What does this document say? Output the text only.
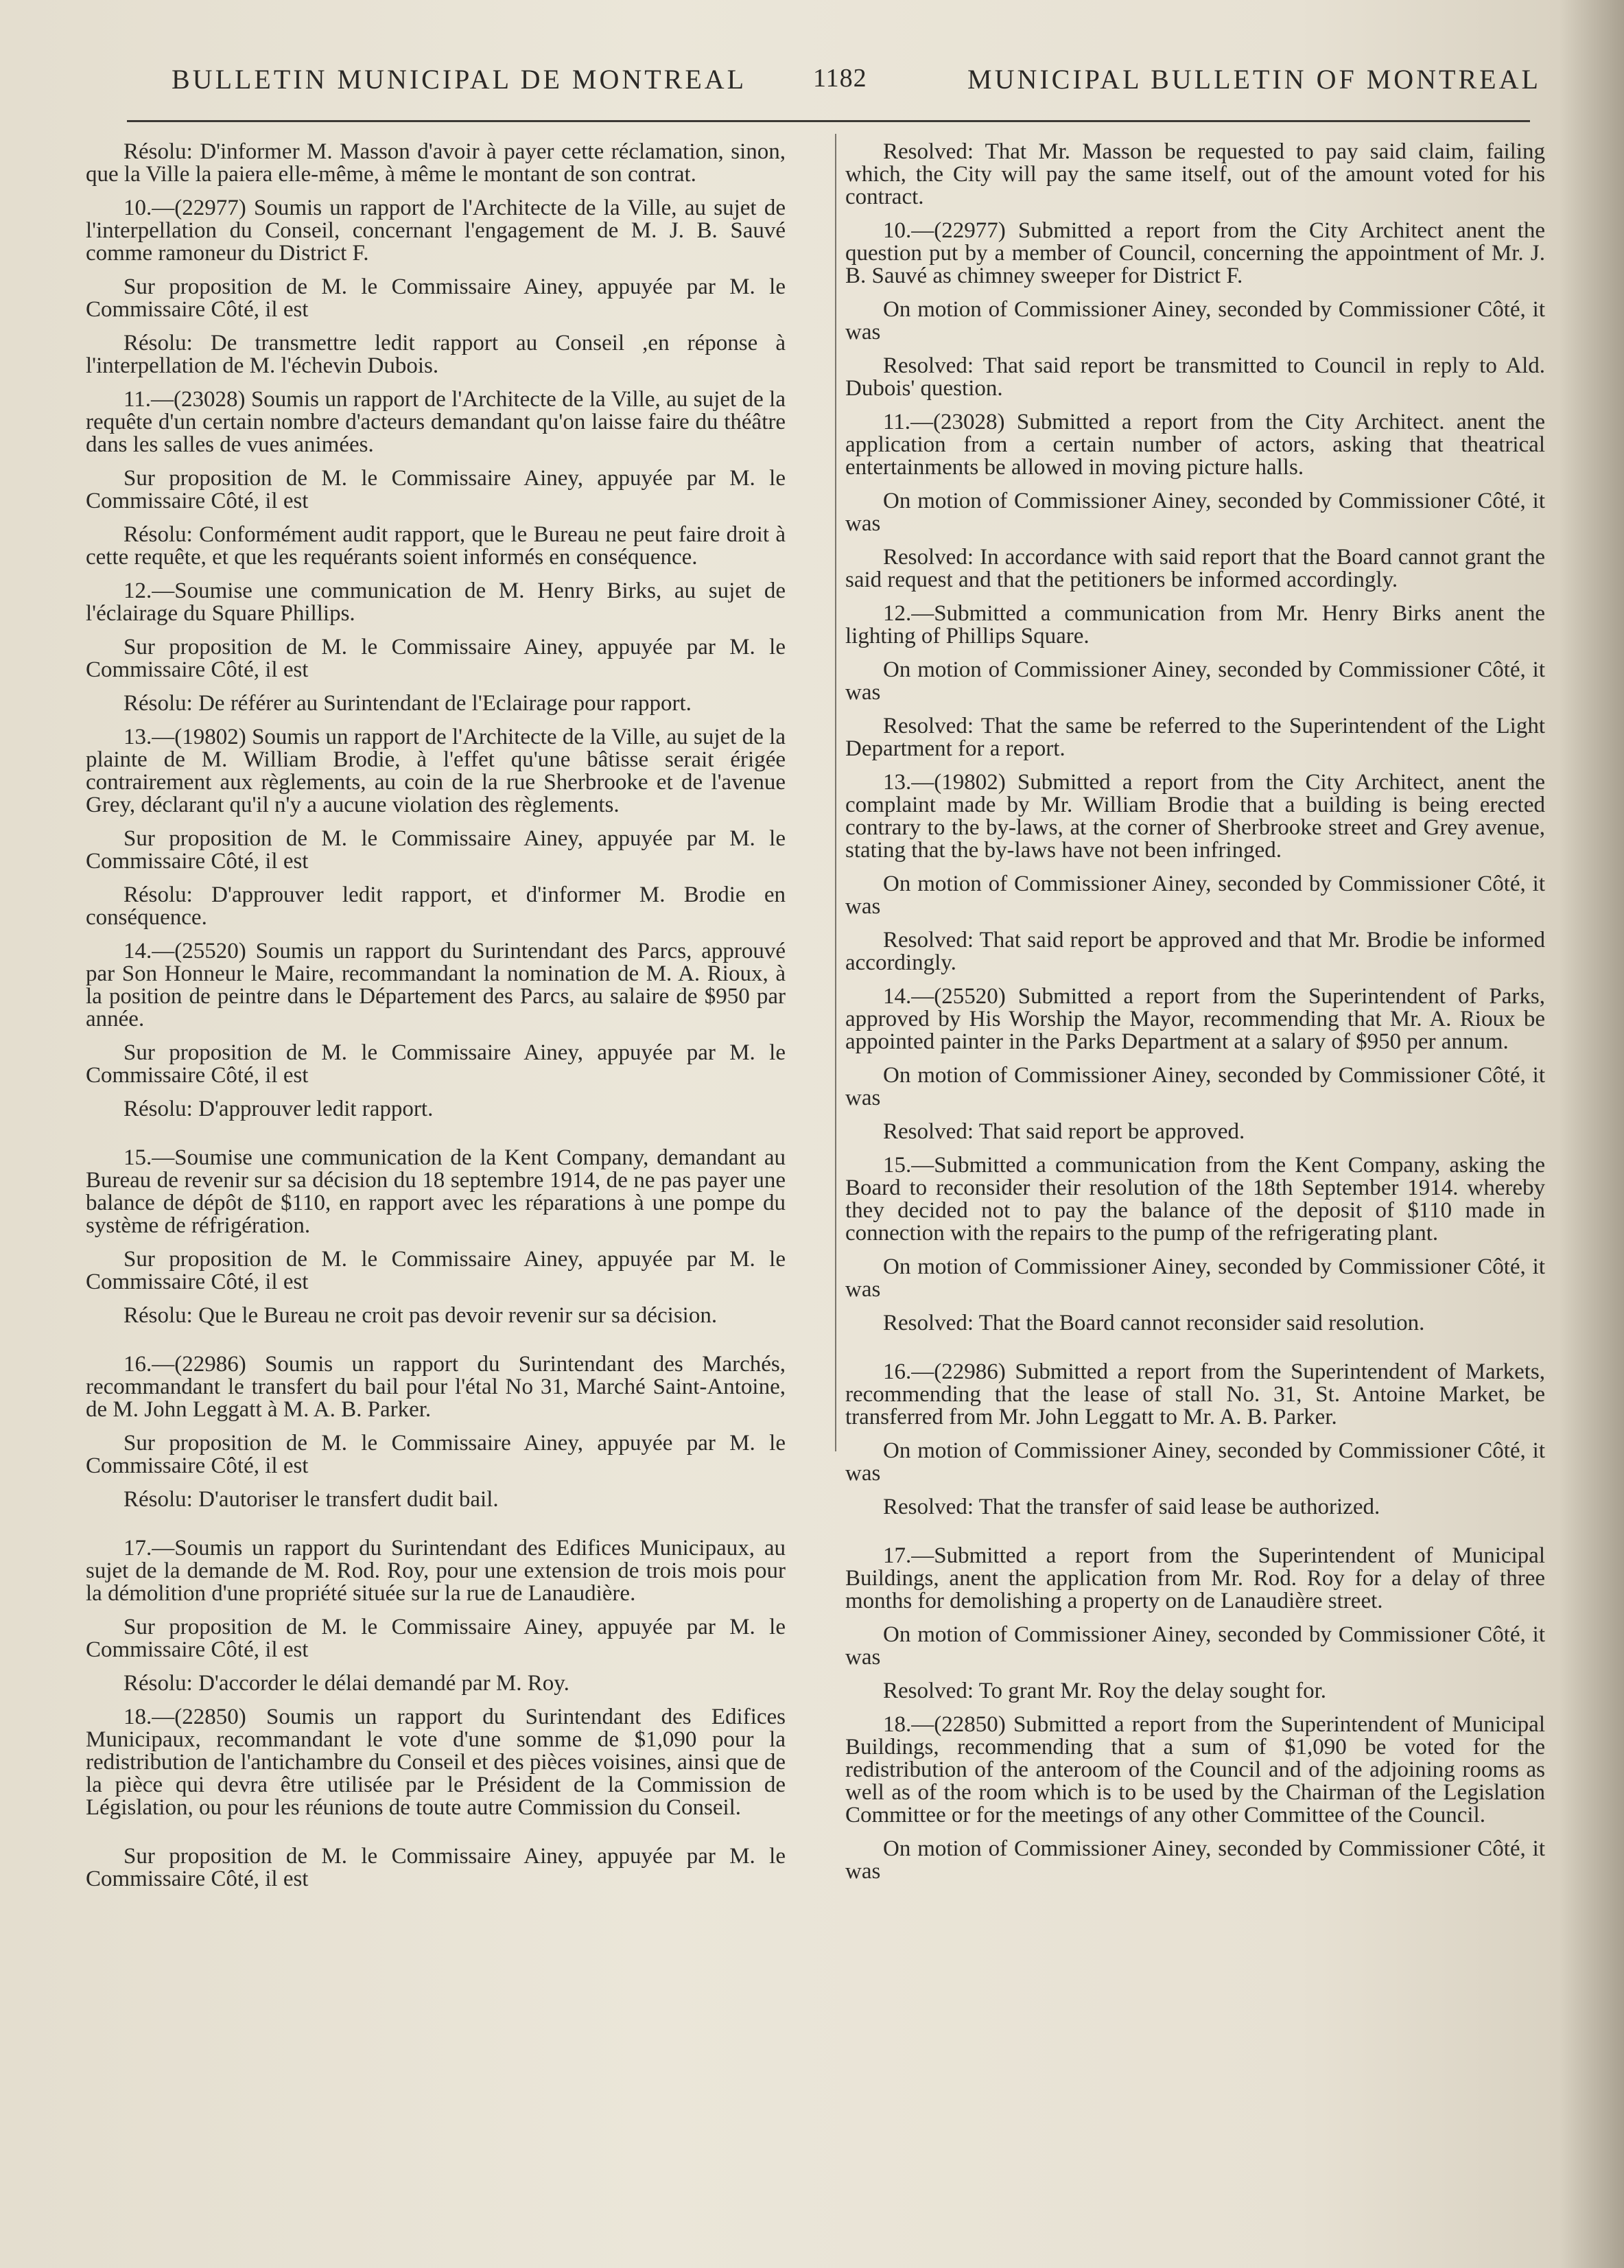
BULLETIN MUNICIPAL DE MONTREAL	1182	MUNICIPAL BULLETIN OF MONTREAL

Résolu: D'informer M. Masson d'avoir à payer cette réclamation, sinon, que la Ville la paiera elle-même, à même le montant de son contrat.

10.—(22977) Soumis un rapport de l'Architecte de la Ville, au sujet de l'interpellation du Conseil, concernant l'engagement de M. J. B. Sauvé comme ramoneur du District F.

Sur proposition de M. le Commissaire Ainey, appuyée par M. le Commissaire Côté, il est

Résolu: De transmettre ledit rapport au Conseil ,en réponse à l'interpellation de M. l'échevin Dubois.

11.—(23028) Soumis un rapport de l'Architecte de la Ville, au sujet de la requête d'un certain nombre d'acteurs demandant qu'on laisse faire du théâtre dans les salles de vues animées.

Sur proposition de M. le Commissaire Ainey, appuyée par M. le Commissaire Côté, il est

Résolu: Conformément audit rapport, que le Bureau ne peut faire droit à cette requête, et que les requérants soient informés en conséquence.

12.—Soumise une communication de M. Henry Birks, au sujet de l'éclairage du Square Phillips.

Sur proposition de M. le Commissaire Ainey, appuyée par M. le Commissaire Côté, il est

Résolu: De référer au Surintendant de l'Eclairage pour rapport.

13.—(19802) Soumis un rapport de l'Architecte de la Ville, au sujet de la plainte de M. William Brodie, à l'effet qu'une bâtisse serait érigée contrairement aux règlements, au coin de la rue Sherbrooke et de l'avenue Grey, déclarant qu'il n'y a aucune violation des règlements.

Sur proposition de M. le Commissaire Ainey, appuyée par M. le Commissaire Côté, il est

Résolu: D'approuver ledit rapport, et d'informer M. Brodie en conséquence.

14.—(25520) Soumis un rapport du Surintendant des Parcs, approuvé par Son Honneur le Maire, recommandant la nomination de M. A. Rioux, à la position de peintre dans le Département des Parcs, au salaire de $950 par année.

Sur proposition de M. le Commissaire Ainey, appuyée par M. le Commissaire Côté, il est

Résolu: D'approuver ledit rapport.

15.—Soumise une communication de la Kent Company, demandant au Bureau de revenir sur sa décision du 18 septembre 1914, de ne pas payer une balance de dépôt de $110, en rapport avec les réparations à une pompe du système de réfrigération.

Sur proposition de M. le Commissaire Ainey, appuyée par M. le Commissaire Côté, il est

Résolu: Que le Bureau ne croit pas devoir revenir sur sa décision.

16.—(22986) Soumis un rapport du Surintendant des Marchés, recommandant le transfert du bail pour l'étal No 31, Marché Saint-Antoine, de M. John Leggatt à M. A. B. Parker.

Sur proposition de M. le Commissaire Ainey, appuyée par M. le Commissaire Côté, il est

Résolu: D'autoriser le transfert dudit bail.

17.—Soumis un rapport du Surintendant des Edifices Municipaux, au sujet de la demande de M. Rod. Roy, pour une extension de trois mois pour la démolition d'une propriété située sur la rue de Lanaudière.

Sur proposition de M. le Commissaire Ainey, appuyée par M. le Commissaire Côté, il est

Résolu: D'accorder le délai demandé par M. Roy.

18.—(22850) Soumis un rapport du Surintendant des Edifices Municipaux, recommandant le vote d'une somme de $1,090 pour la redistribution de l'antichambre du Conseil et des pièces voisines, ainsi que de la pièce qui devra être utilisée par le Président de la Commission de Législation, ou pour les réunions de toute autre Commission du Conseil.

Sur proposition de M. le Commissaire Ainey, appuyée par M. le Commissaire Côté, il est

Resolved: That Mr. Masson be requested to pay said claim, failing which, the City will pay the same itself, out of the amount voted for his contract.

10.—(22977) Submitted a report from the City Architect anent the question put by a member of Council, concerning the appointment of Mr. J. B. Sauvé as chimney sweeper for District F.

On motion of Commissioner Ainey, seconded by Commissioner Côté, it was

Resolved: That said report be transmitted to Council in reply to Ald. Dubois' question.

11.—(23028) Submitted a report from the City Architect. anent the application from a certain number of actors, asking that theatrical entertainments be allowed in moving picture halls.

On motion of Commissioner Ainey, seconded by Commissioner Côté, it was

Resolved: In accordance with said report that the Board cannot grant the said request and that the petitioners be informed accordingly.

12.—Submitted a communication from Mr. Henry Birks anent the lighting of Phillips Square.

On motion of Commissioner Ainey, seconded by Commissioner Côté, it was

Resolved: That the same be referred to the Superintendent of the Light Department for a report.

13.—(19802) Submitted a report from the City Architect, anent the complaint made by Mr. William Brodie that a building is being erected contrary to the by-laws, at the corner of Sherbrooke street and Grey avenue, stating that the by-laws have not been infringed.

On motion of Commissioner Ainey, seconded by Commissioner Côté, it was

Resolved: That said report be approved and that Mr. Brodie be informed accordingly.

14.—(25520) Submitted a report from the Superintendent of Parks, approved by His Worship the Mayor, recommending that Mr. A. Rioux be appointed painter in the Parks Department at a salary of $950 per annum.

On motion of Commissioner Ainey, seconded by Commissioner Côté, it was

Resolved: That said report be approved.

15.—Submitted a communication from the Kent Company, asking the Board to reconsider their resolution of the 18th September 1914. whereby they decided not to pay the balance of the deposit of $110 made in connection with the repairs to the pump of the refrigerating plant.

On motion of Commissioner Ainey, seconded by Commissioner Côté, it was

Resolved: That the Board cannot reconsider said resolution.

16.—(22986) Submitted a report from the Superintendent of Markets, recommending that the lease of stall No. 31, St. Antoine Market, be transferred from Mr. John Leggatt to Mr. A. B. Parker.

On motion of Commissioner Ainey, seconded by Commissioner Côté, it was

Resolved: That the transfer of said lease be authorized.

17.—Submitted a report from the Superintendent of Municipal Buildings, anent the application from Mr. Rod. Roy for a delay of three months for demolishing a property on de Lanaudière street.

On motion of Commissioner Ainey, seconded by Commissioner Côté, it was

Resolved: To grant Mr. Roy the delay sought for.

18.—(22850) Submitted a report from the Superintendent of Municipal Buildings, recommending that a sum of $1,090 be voted for the redistribution of the anteroom of the Council and of the adjoining rooms as well as of the room which is to be used by the Chairman of the Legislation Committee or for the meetings of any other Committee of the Council.

On motion of Commissioner Ainey, seconded by Commissioner Côté, it was
